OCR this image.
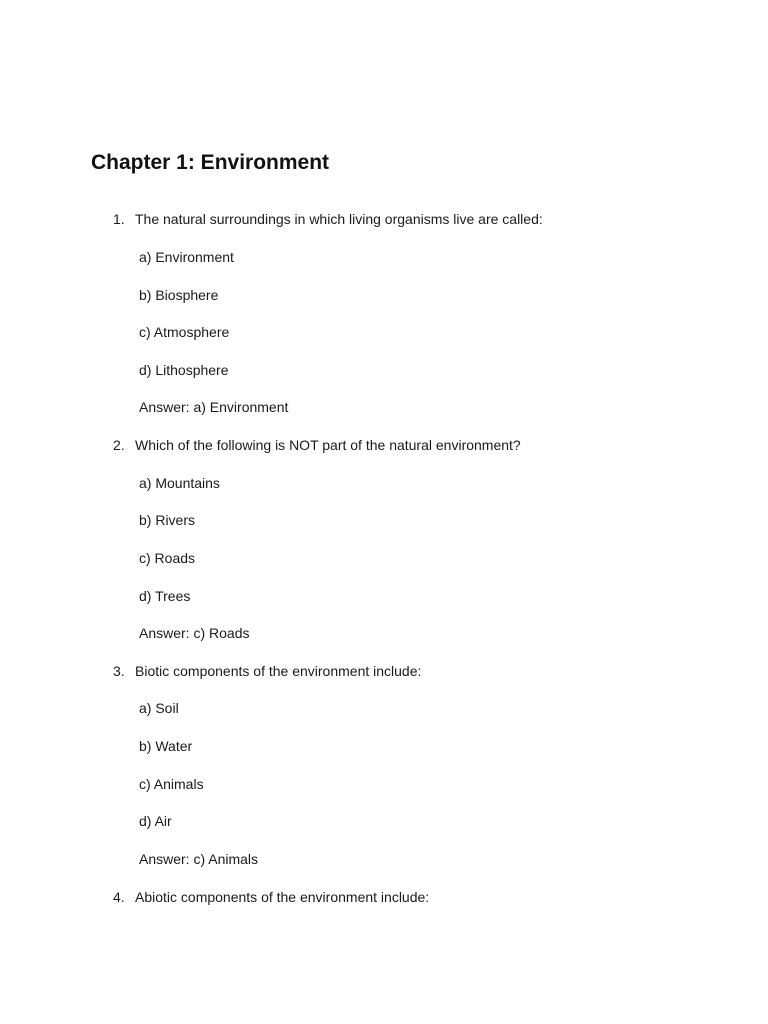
Chapter 1: Environment
1. The natural surroundings in which living organisms live are called:
a) Environment
b) Biosphere
c) Atmosphere
d) Lithosphere
Answer: a) Environment
2. Which of the following is NOT part of the natural environment?
a) Mountains
b) Rivers
c) Roads
d) Trees
Answer: c) Roads
3. Biotic components of the environment include:
a) Soil
b) Water
c) Animals
d) Air
Answer: c) Animals
4. Abiotic components of the environment include:
